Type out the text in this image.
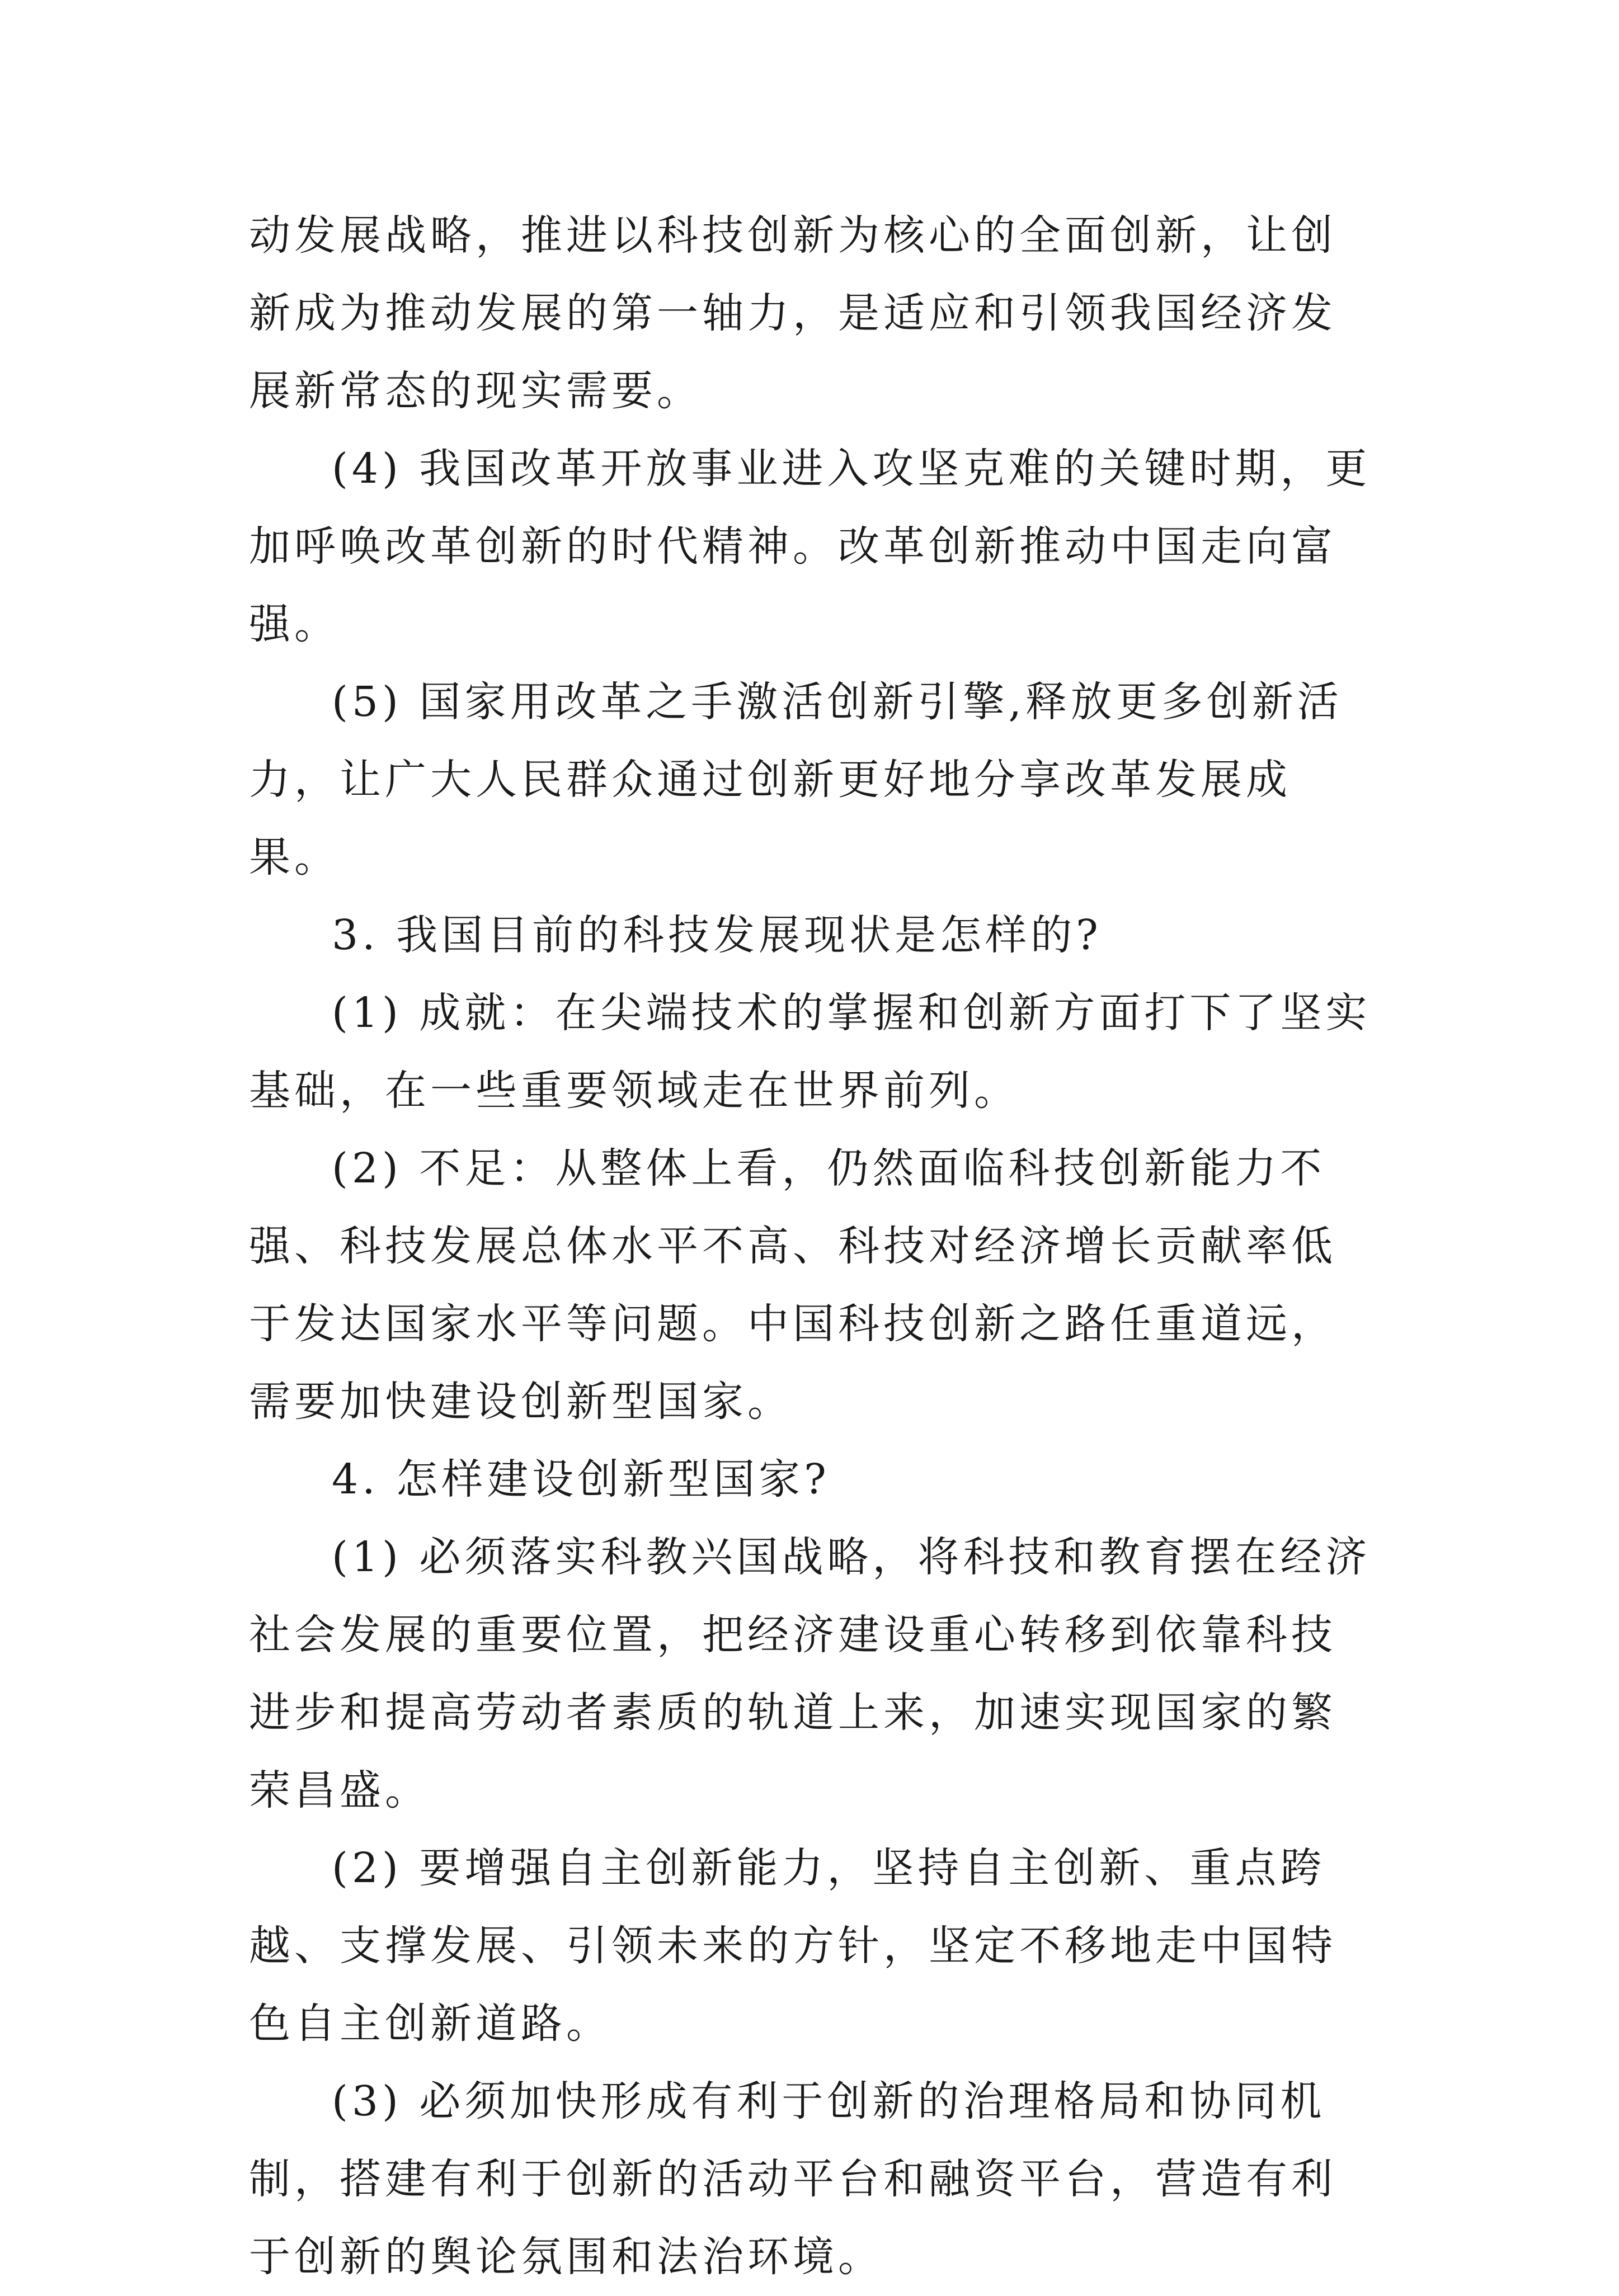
动发展战略，推进以科技创新为核心的全面创新，让创新成为推动发展的第一轴力，是适应和引领我国经济发展新常态的现实需要。

(4) 我国改革开放事业进入攻坚克难的关键时期，更加呼唤改革创新的时代精神。改革创新推动中国走向富强。

(5) 国家用改革之手激活创新引擎,释放更多创新活力，让广大人民群众通过创新更好地分享改革发展成果。

3. 我国目前的科技发展现状是怎样的?

(1) 成就：在尖端技术的掌握和创新方面打下了坚实基础，在一些重要领域走在世界前列。

(2) 不足：从整体上看，仍然面临科技创新能力不强、科技发展总体水平不高、科技对经济增长贡献率低于发达国家水平等问题。中国科技创新之路任重道远，需要加快建设创新型国家。

4. 怎样建设创新型国家?

(1) 必须落实科教兴国战略，将科技和教育摆在经济社会发展的重要位置，把经济建设重心转移到依靠科技进步和提高劳动者素质的轨道上来，加速实现国家的繁荣昌盛。

(2) 要增强自主创新能力，坚持自主创新、重点跨越、支撑发展、引领未来的方针，坚定不移地走中国特色自主创新道路。

(3) 必须加快形成有利于创新的治理格局和协同机制，搭建有利于创新的活动平台和融资平台，营造有利于创新的舆论氛围和法治环境。
